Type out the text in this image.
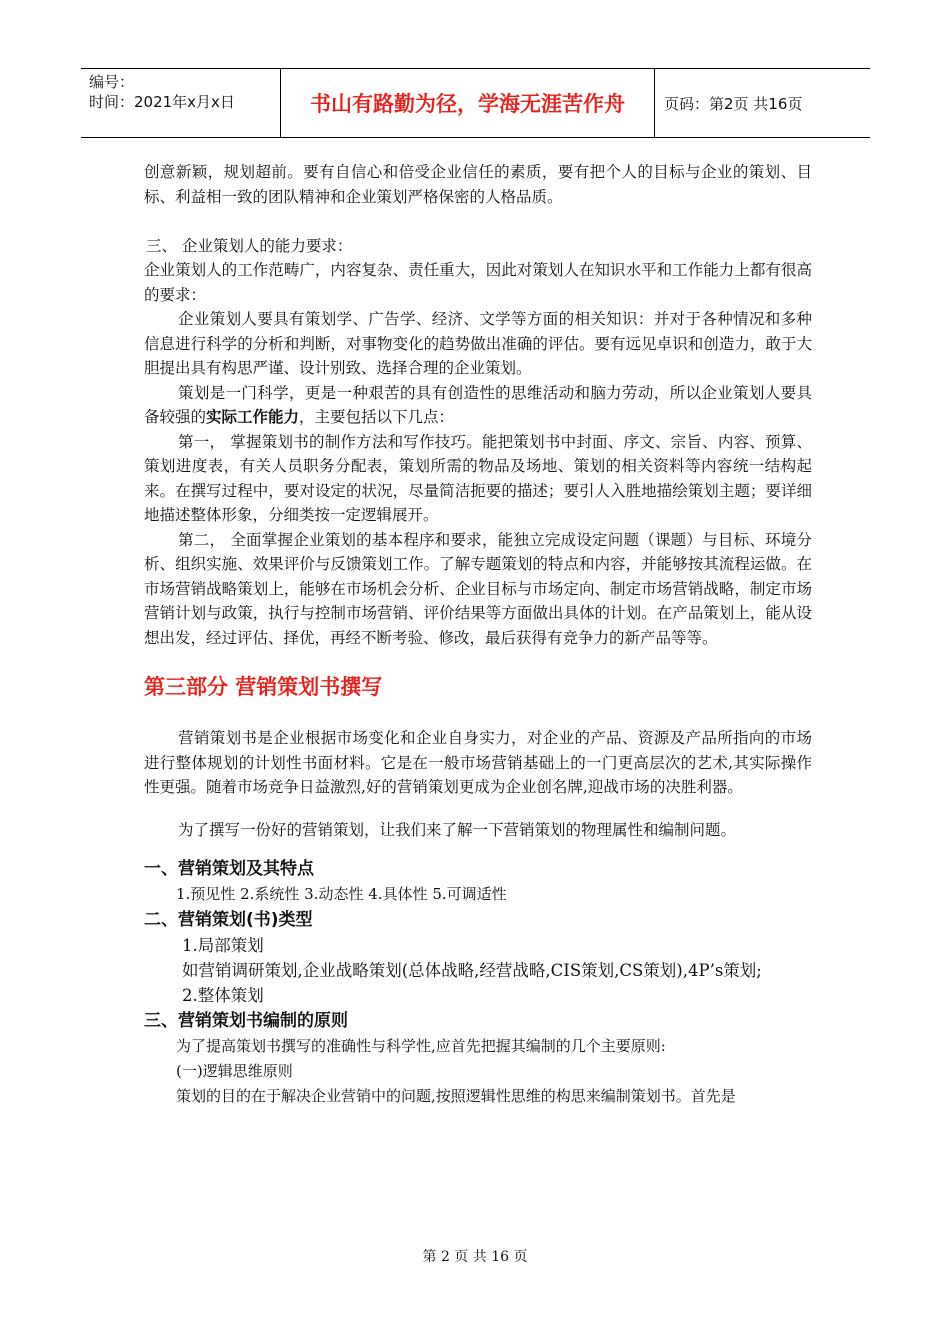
编号：
时间：2021年x月x日	书山有路勤为径，学海无涯苦作舟	页码：第2页 共16页

创意新颖，规划超前。要有自信心和倍受企业信任的素质，要有把个人的目标与企业的策划、目标、利益相一致的团队精神和企业策划严格保密的人格品质。

三、 企业策划人的能力要求：

企业策划人的工作范畴广，内容复杂、责任重大，因此对策划人在知识水平和工作能力上都有很高的要求：

企业策划人要具有策划学、广告学、经济、文学等方面的相关知识：并对于各种情况和多种信息进行科学的分析和判断，对事物变化的趋势做出准确的评估。要有远见卓识和创造力，敢于大胆提出具有构思严谨、设计别致、选择合理的企业策划。

策划是一门科学，更是一种艰苦的具有创造性的思维活动和脑力劳动，所以企业策划人要具备较强的实际工作能力，主要包括以下几点：

第一， 掌握策划书的制作方法和写作技巧。能把策划书中封面、序文、宗旨、内容、预算、策划进度表，有关人员职务分配表，策划所需的物品及场地、策划的相关资料等内容统一结构起来。在撰写过程中，要对设定的状况，尽量简洁扼要的描述；要引人入胜地描绘策划主题；要详细地描述整体形象，分细类按一定逻辑展开。

第二， 全面掌握企业策划的基本程序和要求，能独立完成设定问题（课题）与目标、环境分析、组织实施、效果评价与反馈策划工作。了解专题策划的特点和内容，并能够按其流程运做。在市场营销战略策划上，能够在市场机会分析、企业目标与市场定向、制定市场营销战略，制定市场营销计划与政策，执行与控制市场营销、评价结果等方面做出具体的计划。在产品策划上，能从设想出发，经过评估、择优，再经不断考验、修改，最后获得有竞争力的新产品等等。

第三部分 营销策划书撰写

营销策划书是企业根据市场变化和企业自身实力，对企业的产品、资源及产品所指向的市场进行整体规划的计划性书面材料。它是在一般市场营销基础上的一门更高层次的艺术,其实际操作性更强。随着市场竞争日益激烈,好的营销策划更成为企业创名牌,迎战市场的决胜利器。

为了撰写一份好的营销策划，让我们来了解一下营销策划的物理属性和编制问题。

一、营销策划及其特点

1.预见性 2.系统性 3.动态性 4.具体性 5.可调适性

二、营销策划(书)类型

1.局部策划

如营销调研策划,企业战略策划(总体战略,经营战略,CIS策划,CS策划),4P’s策划;

2.整体策划

三、营销策划书编制的原则

为了提高策划书撰写的准确性与科学性,应首先把握其编制的几个主要原则:

(一)逻辑思维原则

策划的目的在于解决企业营销中的问题,按照逻辑性思维的构思来编制策划书。首先是

第 2 页 共 16 页
